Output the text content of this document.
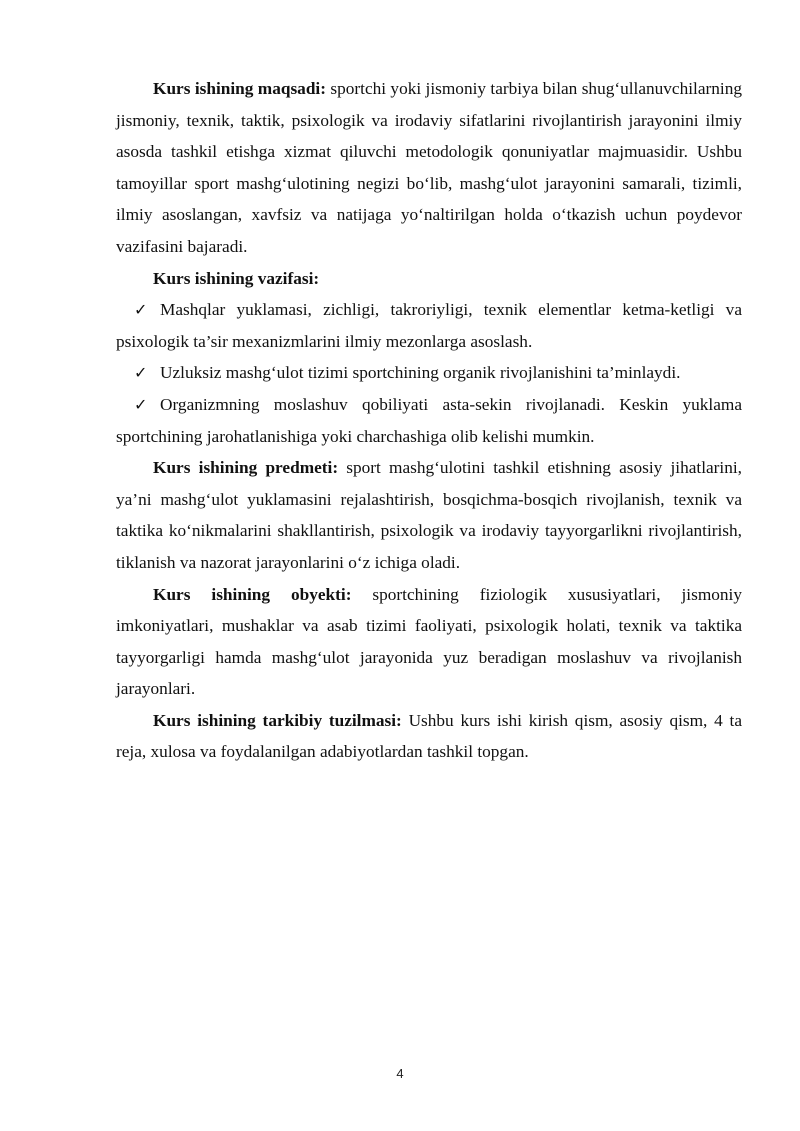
Kurs ishining maqsadi: sportchi yoki jismoniy tarbiya bilan shug‘ullanuvchilarning jismoniy, texnik, taktik, psixologik va irodaviy sifatlarini rivojlantirish jarayonini ilmiy asosda tashkil etishga xizmat qiluvchi metodologik qonuniyatlar majmuasidir. Ushbu tamoyillar sport mashg‘ulotining negizi bo‘lib, mashg‘ulot jarayonini samarali, tizimli, ilmiy asoslangan, xavfsiz va natijaga yo‘naltirilgan holda o‘tkazish uchun poydevor vazifasini bajaradi.

Kurs ishining vazifasi:

✓ Mashqlar yuklamasi, zichligi, takroriyligi, texnik elementlar ketma-ketligi va psixologik ta’sir mexanizmlarini ilmiy mezonlarga asoslash.

✓ Uzluksiz mashg‘ulot tizimi sportchining organik rivojlanishini ta’minlaydi.

✓ Organizmning moslashuv qobiliyati asta-sekin rivojlanadi. Keskin yuklama sportchining jarohatlanishiga yoki charchashiga olib kelishi mumkin.

Kurs ishining predmeti: sport mashg‘ulotini tashkil etishning asosiy jihatlarini, ya’ni mashg‘ulot yuklamasini rejalashtirish, bosqichma-bosqich rivojlanish, texnik va taktika ko‘nikmalarini shakllantirish, psixologik va irodaviy tayyorgarlikni rivojlantirish, tiklanish va nazorat jarayonlarini o‘z ichiga oladi.

Kurs ishining obyekti: sportchining fiziologik xususiyatlari, jismoniy imkoniyatlari, mushaklar va asab tizimi faoliyati, psixologik holati, texnik va taktika tayyorgarligi hamda mashg‘ulot jarayonida yuz beradigan moslashuv va rivojlanish jarayonlari.

Kurs ishining tarkibiy tuzilmasi: Ushbu kurs ishi kirish qism, asosiy qism, 4 ta reja, xulosa va foydalanilgan adabiyotlardan tashkil topgan.

4
